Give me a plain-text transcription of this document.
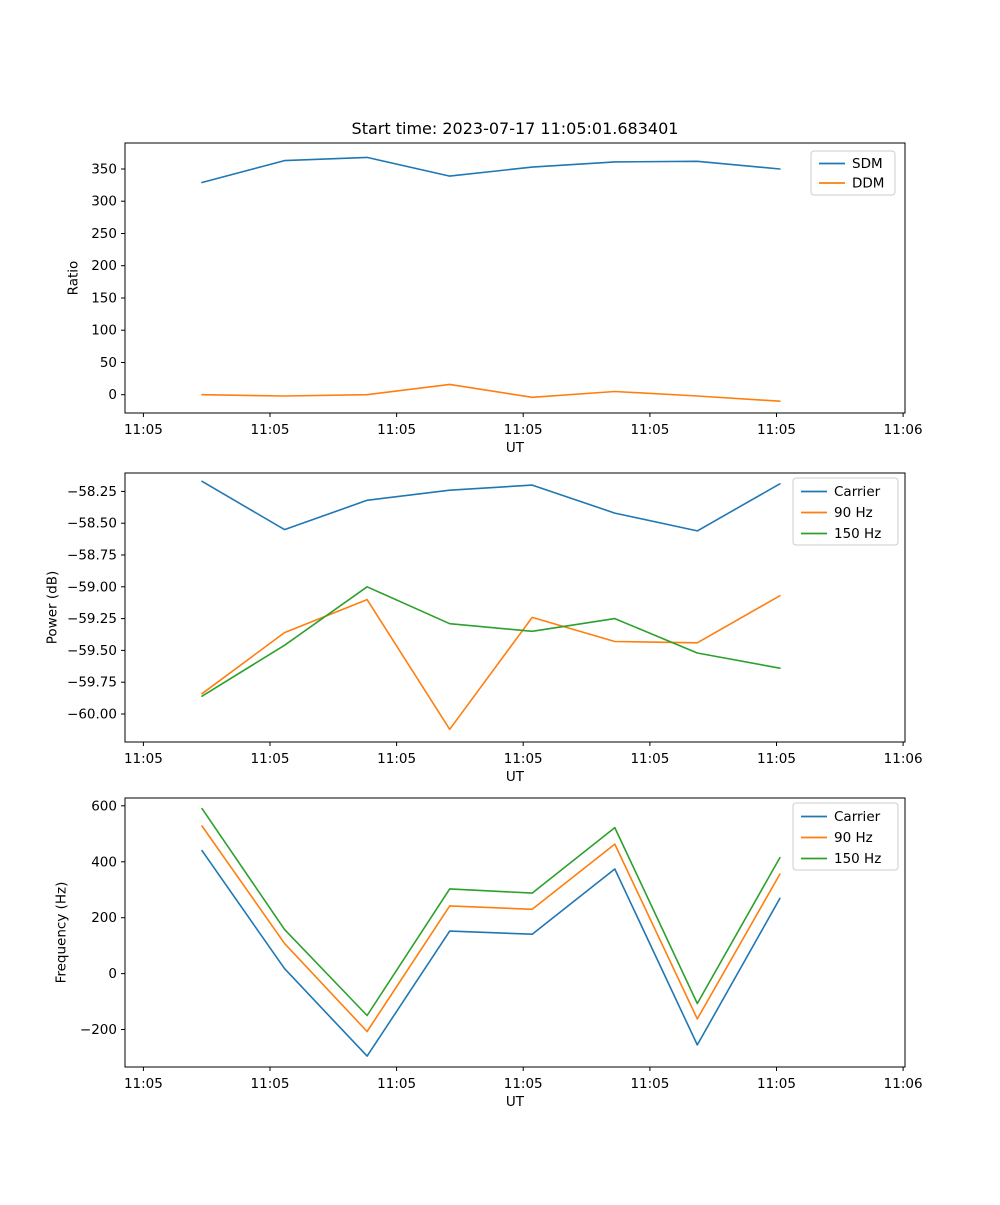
Start time: 2023-07-17 11:05:01.683401
11:05	11:05	11:05	11:05	11:05	11:05	11:06
0
50
100
150
200
250
300
350
UT
Ratio
SDM
DDM
11:05	11:05	11:05	11:05	11:05	11:05	11:06
−58.25
−58.50
−58.75
−59.00
−59.25
−59.50
−59.75
−60.00
UT
Power (dB)
Carrier
90 Hz
150 Hz
11:05	11:05	11:05	11:05	11:05	11:05	11:06
−200
0
200
400
600
UT
Frequency (Hz)
Carrier
90 Hz
150 Hz
